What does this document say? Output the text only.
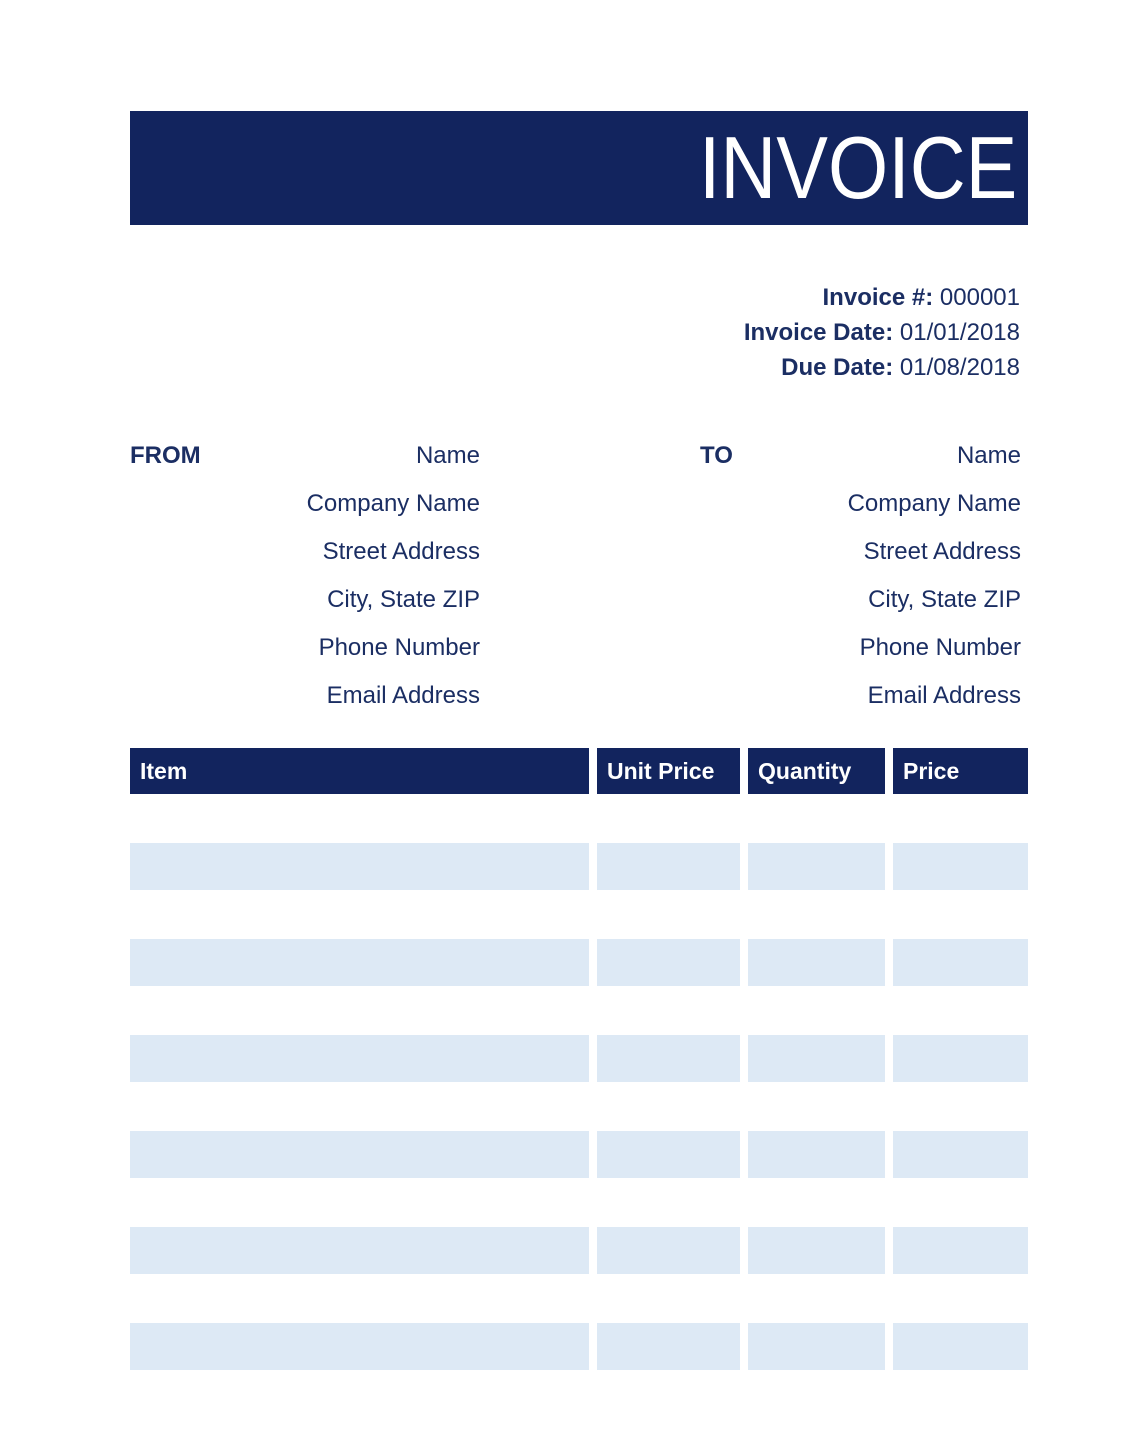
INVOICE
Invoice #: 000001
Invoice Date: 01/01/2018
Due Date: 01/08/2018
FROM	Name
Company Name
Street Address
City, State ZIP
Phone Number
Email Address
TO	Name
Company Name
Street Address
City, State ZIP
Phone Number
Email Address
Item	Unit Price	Quantity	Price
